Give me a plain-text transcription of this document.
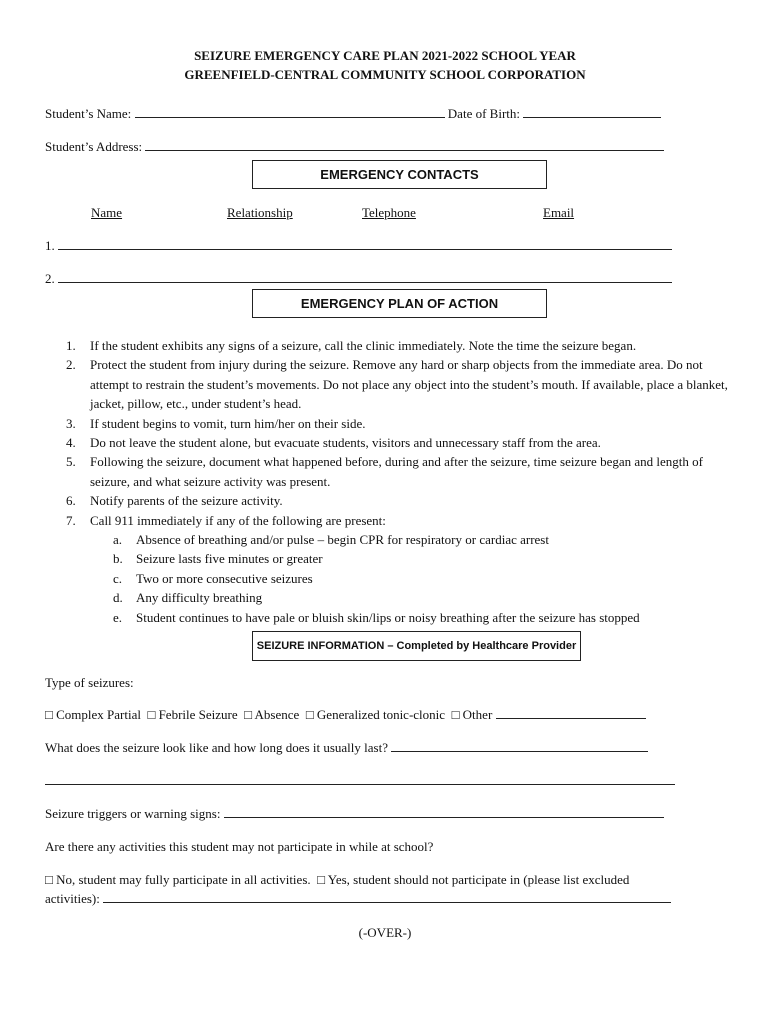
SEIZURE EMERGENCY CARE PLAN 2021-2022 SCHOOL YEAR
GREENFIELD-CENTRAL COMMUNITY SCHOOL CORPORATION
Student’s Name:	Date of Birth:
Student’s Address:
EMERGENCY CONTACTS
Name	Relationship	Telephone	Email
1.
2.
EMERGENCY PLAN OF ACTION
1. If the student exhibits any signs of a seizure, call the clinic immediately. Note the time the seizure began.
2. Protect the student from injury during the seizure. Remove any hard or sharp objects from the immediate area. Do not attempt to restrain the student’s movements. Do not place any object into the student’s mouth. If available, place a blanket, jacket, pillow, etc., under student’s head.
3. If student begins to vomit, turn him/her on their side.
4. Do not leave the student alone, but evacuate students, visitors and unnecessary staff from the area.
5. Following the seizure, document what happened before, during and after the seizure, time seizure began and length of seizure, and what seizure activity was present.
6. Notify parents of the seizure activity.
7. Call 911 immediately if any of the following are present:
a. Absence of breathing and/or pulse – begin CPR for respiratory or cardiac arrest
b. Seizure lasts five minutes or greater
c. Two or more consecutive seizures
d. Any difficulty breathing
e. Student continues to have pale or bluish skin/lips or noisy breathing after the seizure has stopped
SEIZURE INFORMATION – Completed by Healthcare Provider
Type of seizures:
□ Complex Partial □ Febrile Seizure □ Absence □ Generalized tonic-clonic □ Other
What does the seizure look like and how long does it usually last?
Seizure triggers or warning signs:
Are there any activities this student may not participate in while at school?
□ No, student may fully participate in all activities. □ Yes, student should not participate in (please list excluded
activities):
(-OVER-)
